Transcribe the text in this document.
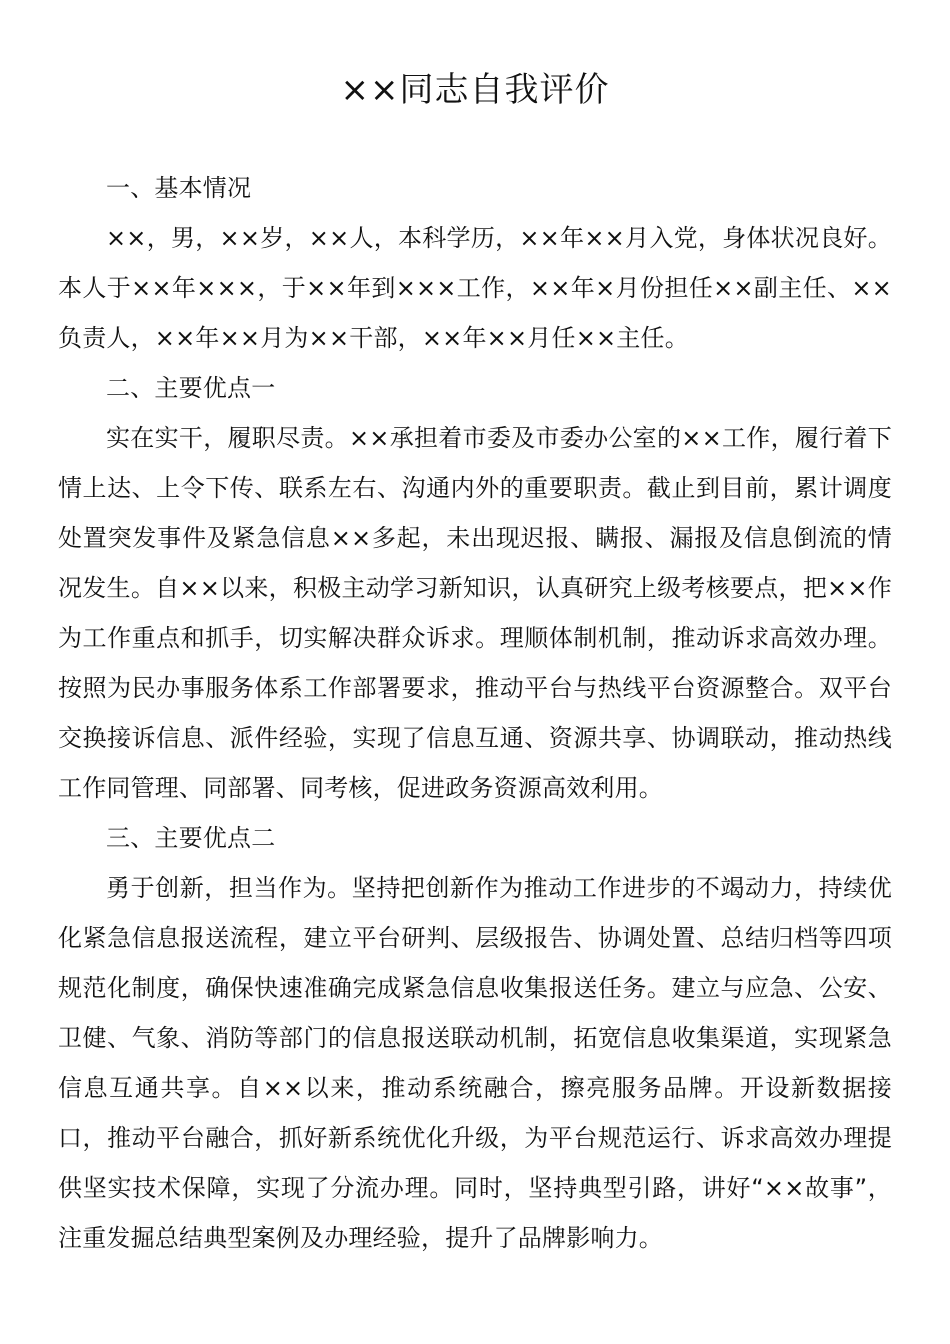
××同志自我评价

一、基本情况

××，男，××岁，××人，本科学历，××年××月入党，身体状况良好。本人于××年×××，于××年到×××工作，××年×月份担任××副主任、××负责人，××年××月为××干部，××年××月任××主任。

二、主要优点一

实在实干，履职尽责。××承担着市委及市委办公室的××工作，履行着下情上达、上令下传、联系左右、沟通内外的重要职责。截止到目前，累计调度处置突发事件及紧急信息××多起，未出现迟报、瞒报、漏报及信息倒流的情况发生。自××以来，积极主动学习新知识，认真研究上级考核要点，把××作为工作重点和抓手，切实解决群众诉求。理顺体制机制，推动诉求高效办理。按照为民办事服务体系工作部署要求，推动平台与热线平台资源整合。双平台交换接诉信息、派件经验，实现了信息互通、资源共享、协调联动，推动热线工作同管理、同部署、同考核，促进政务资源高效利用。

三、主要优点二

勇于创新，担当作为。坚持把创新作为推动工作进步的不竭动力，持续优化紧急信息报送流程，建立平台研判、层级报告、协调处置、总结归档等四项规范化制度，确保快速准确完成紧急信息收集报送任务。建立与应急、公安、卫健、气象、消防等部门的信息报送联动机制，拓宽信息收集渠道，实现紧急信息互通共享。自××以来，推动系统融合，擦亮服务品牌。开设新数据接口，推动平台融合，抓好新系统优化升级，为平台规范运行、诉求高效办理提供坚实技术保障，实现了分流办理。同时，坚持典型引路，讲好“××故事”，注重发掘总结典型案例及办理经验，提升了品牌影响力。
